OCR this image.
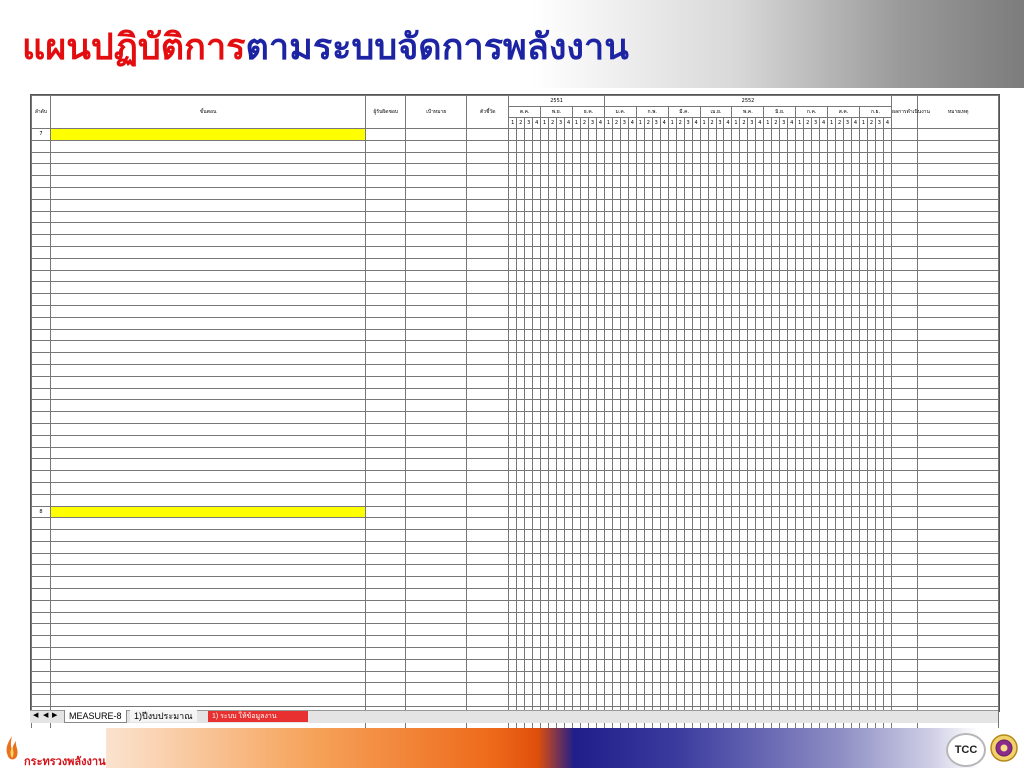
แผนปฏิบัติการตามระบบจัดการพลังงาน
ลำดับ	ขั้นตอน	ผู้รับผิดชอบ	เป้าหมาย	ตัวชี้วัด	2551												2552																																				ผลการดำเนินงาน	หมายเหตุ
					ต.ค.				พ.ย.				ธ.ค.				ม.ค.				ก.พ.				มี.ค.				เม.ย.				พ.ค.				มิ.ย.				ก.ค.				ส.ค.				ก.ย.					
					1	2	3	4	1	2	3	4	1	2	3	4	1	2	3	4	1	2	3	4	1	2	3	4	1	2	3	4	1	2	3	4	1	2	3	4	1	2	3	4	1	2	3	4	1	2	3	4		
7																																																						

8																																																						

◀ ◀ ▶	MEASURE-8	1)ปีงบประมาณ	1) ระบบ ให้ข้อมูลงาน
กระทรวงพลังงาน
TCC
